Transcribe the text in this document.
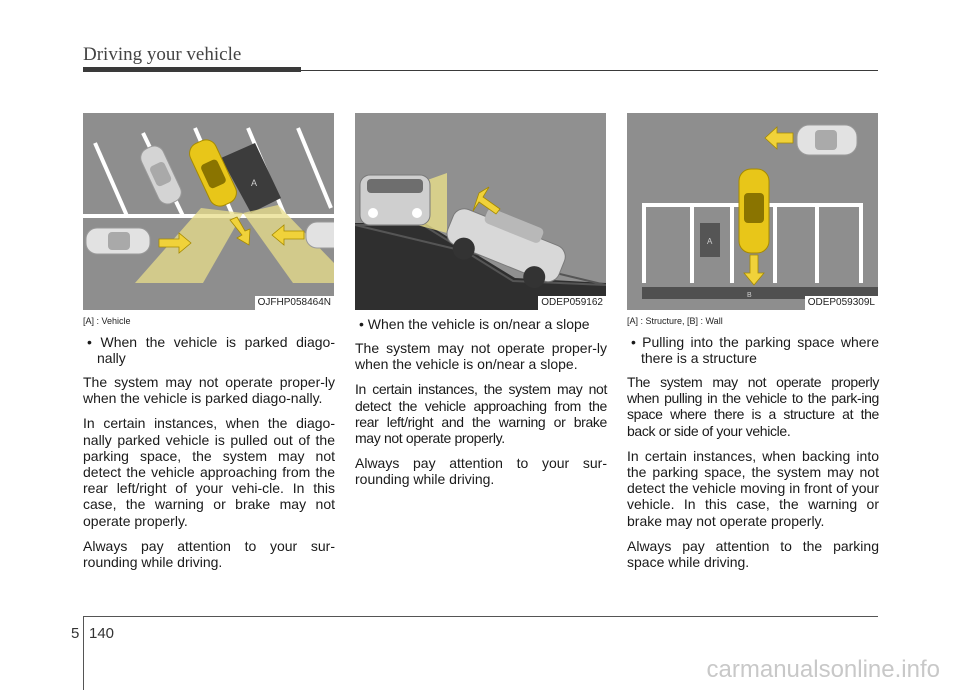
Driving your vehicle
A
OJFHP058464N	ODEP059162
A
B
ODEP059309L

[A] : Vehicle

• When the vehicle is parked diago-nally

The system may not operate proper-ly when the vehicle is parked diago-nally.

In certain instances, when the diago-nally parked vehicle is pulled out of the parking space, the system may not detect the vehicle approaching from the rear left/right of your vehi-cle. In this case, the warning or brake may not operate properly.

Always pay attention to your sur-rounding while driving.

• When the vehicle is on/near a slope

The system may not operate proper-ly when the vehicle is on/near a slope.

In certain instances, the system may not detect the vehicle approaching from the rear left/right and the warning or brake may not operate properly.

Always pay attention to your sur-rounding while driving.

[A] : Structure, [B] : Wall

• Pulling into the parking space where there is a structure

The system may not operate properly when pulling in the vehicle to the park-ing space where there is a structure at the back or side of your vehicle.

In certain instances, when backing into the parking space, the system may not detect the vehicle moving in front of your vehicle. In this case, the warning or brake may not operate properly.

Always pay attention to the parking space while driving.

5 140
carmanualsonline.info
